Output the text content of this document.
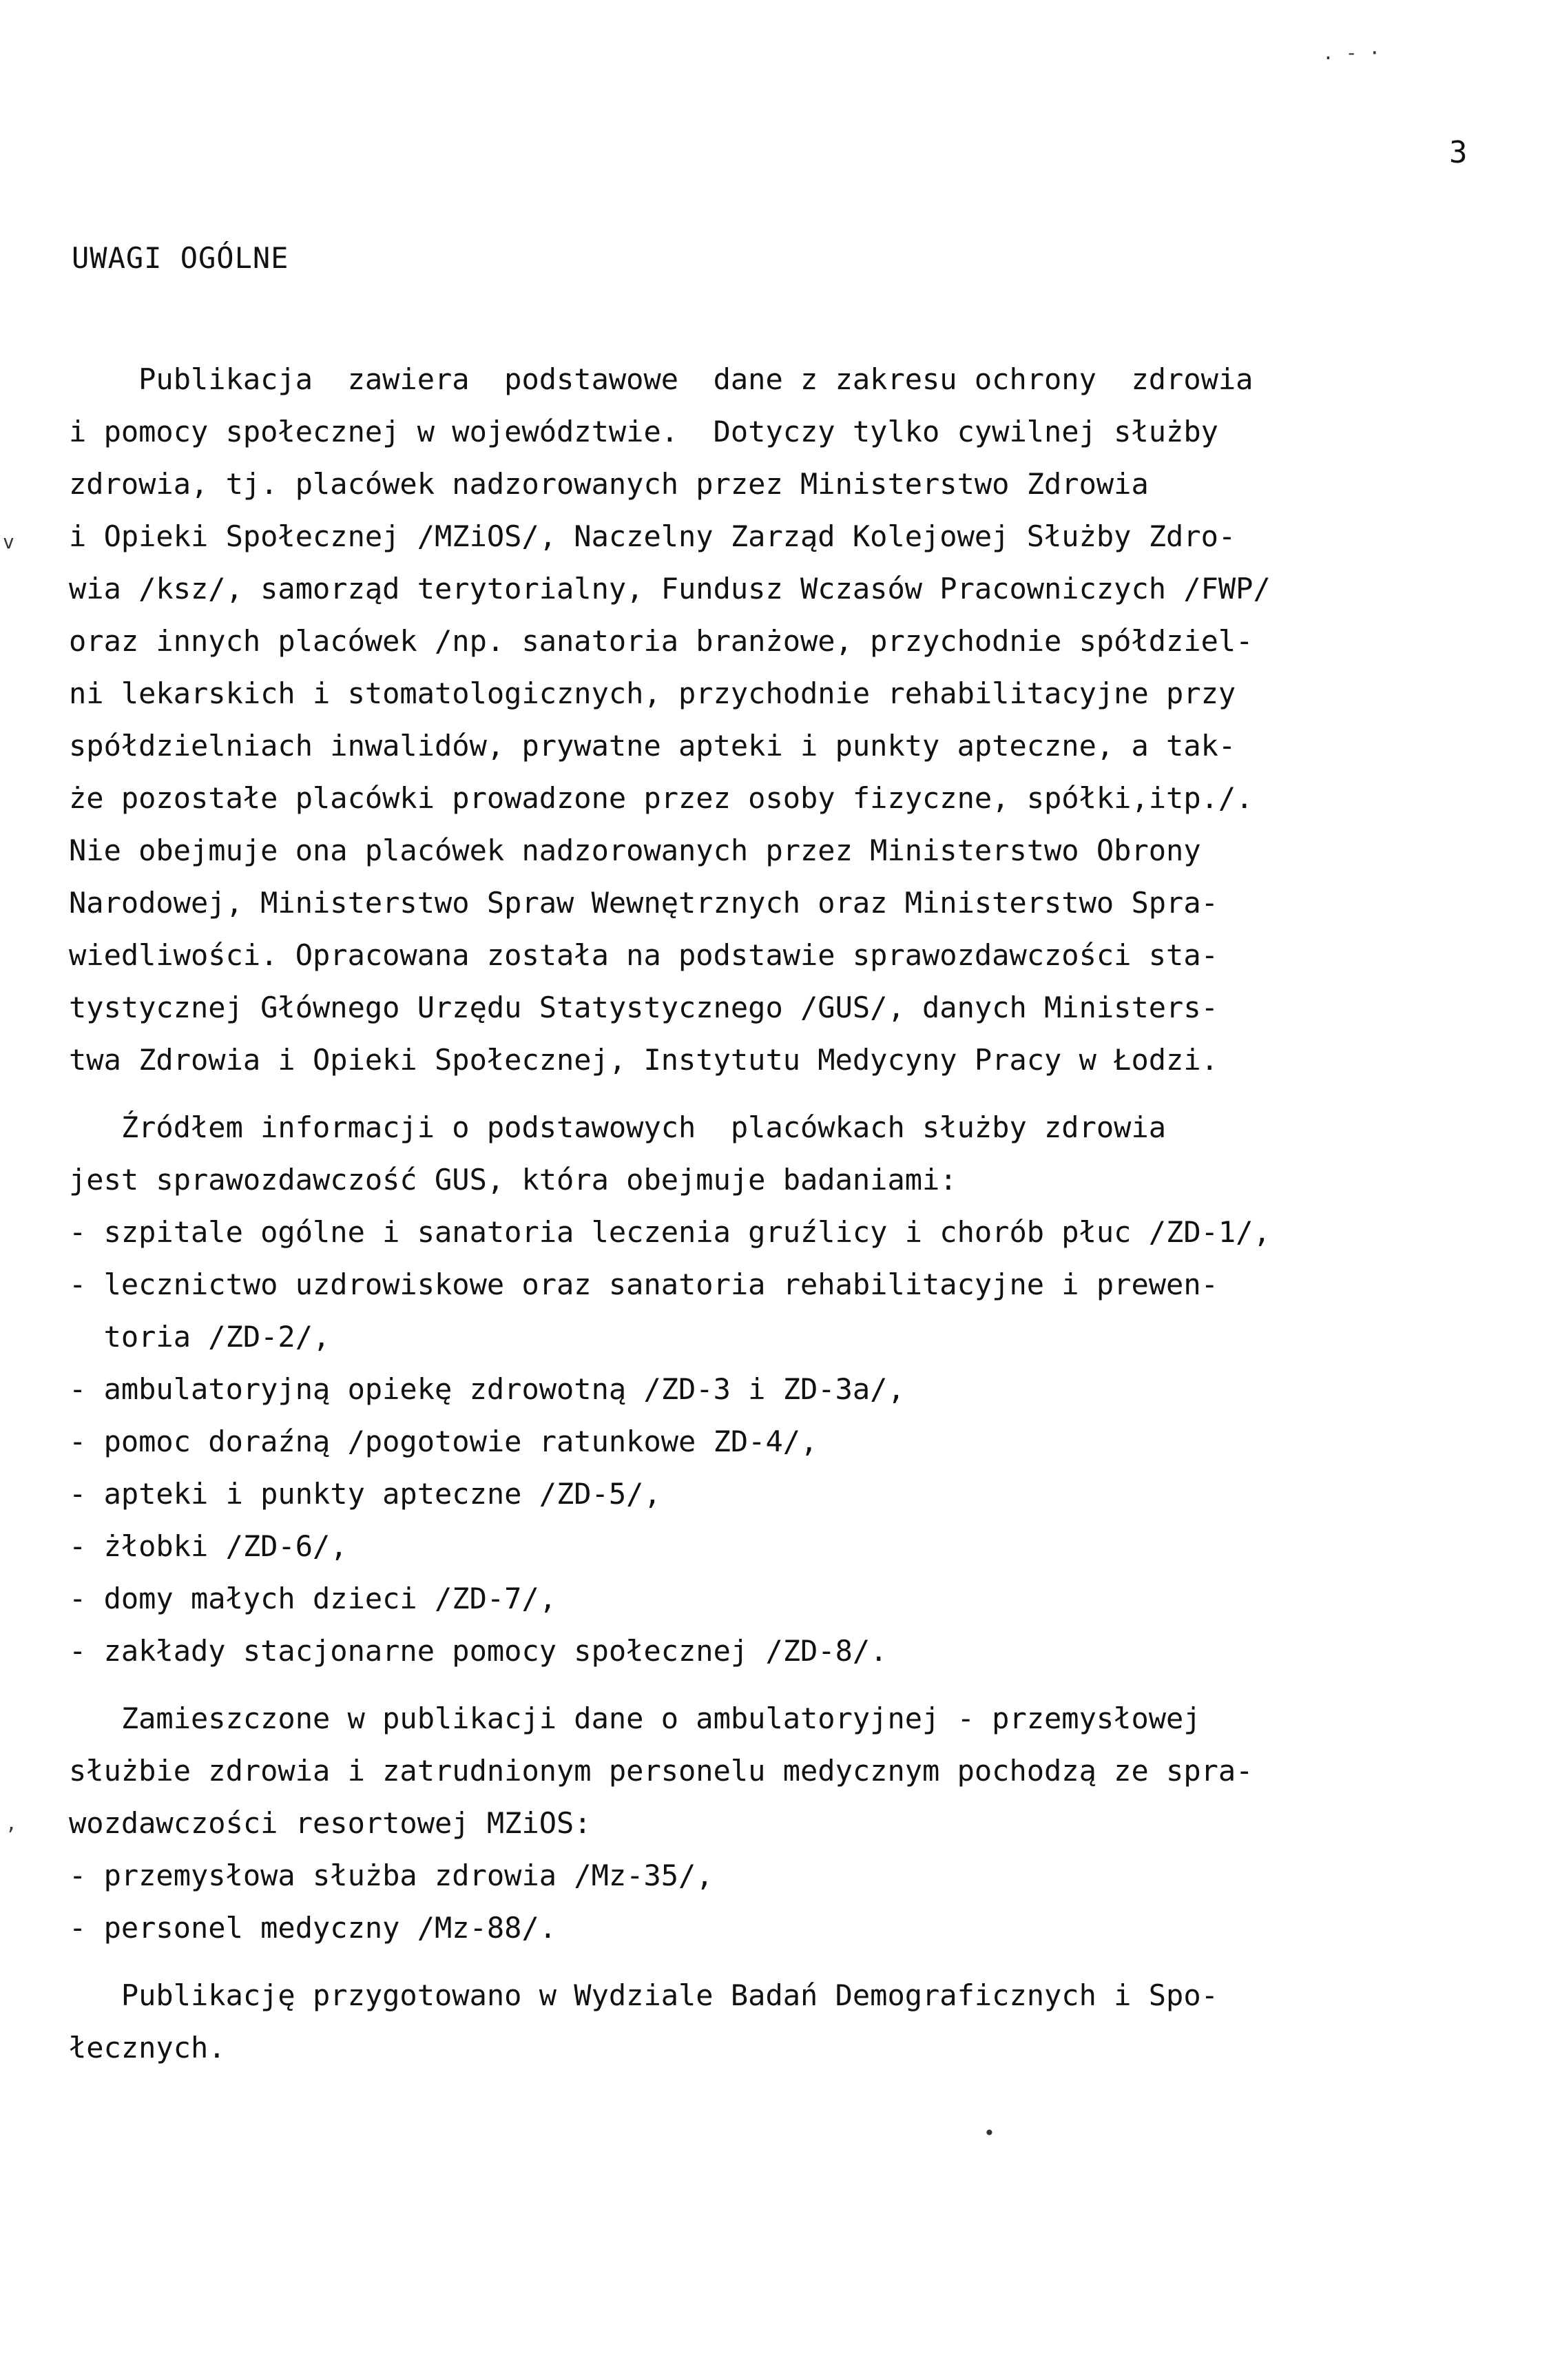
. - ·
v
,
•
3
UWAGI OGÓLNE
Publikacja  zawiera  podstawowe  dane z zakresu ochrony  zdrowia
i pomocy społecznej w województwie.  Dotyczy tylko cywilnej służby
zdrowia, tj. placówek nadzorowanych przez Ministerstwo Zdrowia
i Opieki Społecznej /MZiOS/, Naczelny Zarząd Kolejowej Służby Zdro-
wia /ksz/, samorząd terytorialny, Fundusz Wczasów Pracowniczych /FWP/
oraz innych placówek /np. sanatoria branżowe, przychodnie spółdziel-
ni lekarskich i stomatologicznych, przychodnie rehabilitacyjne przy
spółdzielniach inwalidów, prywatne apteki i punkty apteczne, a tak-
że pozostałe placówki prowadzone przez osoby fizyczne, spółki,itp./.
Nie obejmuje ona placówek nadzorowanych przez Ministerstwo Obrony
Narodowej, Ministerstwo Spraw Wewnętrznych oraz Ministerstwo Spra-
wiedliwości. Opracowana została na podstawie sprawozdawczości sta-
tystycznej Głównego Urzędu Statystycznego /GUS/, danych Ministers-
twa Zdrowia i Opieki Społecznej, Instytutu Medycyny Pracy w Łodzi.
Źródłem informacji o podstawowych  placówkach służby zdrowia
jest sprawozdawczość GUS, która obejmuje badaniami:
- szpitale ogólne i sanatoria leczenia gruźlicy i chorób płuc /ZD-1/,
- lecznictwo uzdrowiskowe oraz sanatoria rehabilitacyjne i prewen-
toria /ZD-2/,
- ambulatoryjną opiekę zdrowotną /ZD-3 i ZD-3a/,
- pomoc doraźną /pogotowie ratunkowe ZD-4/,
- apteki i punkty apteczne /ZD-5/,
- żłobki /ZD-6/,
- domy małych dzieci /ZD-7/,
- zakłady stacjonarne pomocy społecznej /ZD-8/.
Zamieszczone w publikacji dane o ambulatoryjnej - przemysłowej
służbie zdrowia i zatrudnionym personelu medycznym pochodzą ze spra-
wozdawczości resortowej MZiOS:
- przemysłowa służba zdrowia /Mz-35/,
- personel medyczny /Mz-88/.
Publikację przygotowano w Wydziale Badań Demograficznych i Spo-
łecznych.
